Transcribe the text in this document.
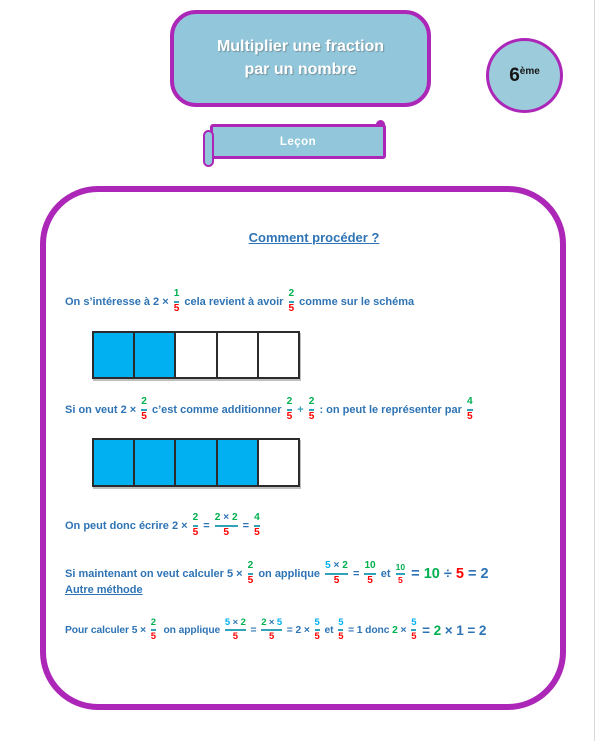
Multiplier une fraction
par un nombre	6ème
Leçon
Comment procéder ?
On s’intéresse à $2 \times \frac{1}{5}$ cela revient à avoir $\frac{2}{5}$ comme sur le schéma
Si on veut $2 \times \frac{2}{5}$ c’est comme additionner $\frac{2}{5} + \frac{2}{5}$ : on peut le représenter par $\frac{4}{5}$
On peut donc écrire $2 \times \frac{2}{5} = \frac{2 \times 2}{5} = \frac{4}{5}$
Si maintenant on veut calculer $5 \times \frac{2}{5}$ on applique $\frac{5 \times 2}{5} = \frac{10}{5}$ et $\frac{10}{5} = 10 \div 5 = 2$
Autre méthode
Pour calculer $5 \times \frac{2}{5}$ on applique $\frac{5 \times 2}{5} = \frac{2 \times 5}{5} = 2 \times \frac{5}{5}$ et $\frac{5}{5} = 1$ donc $2 \times \frac{5}{5} = 2 \times 1 = 2$
